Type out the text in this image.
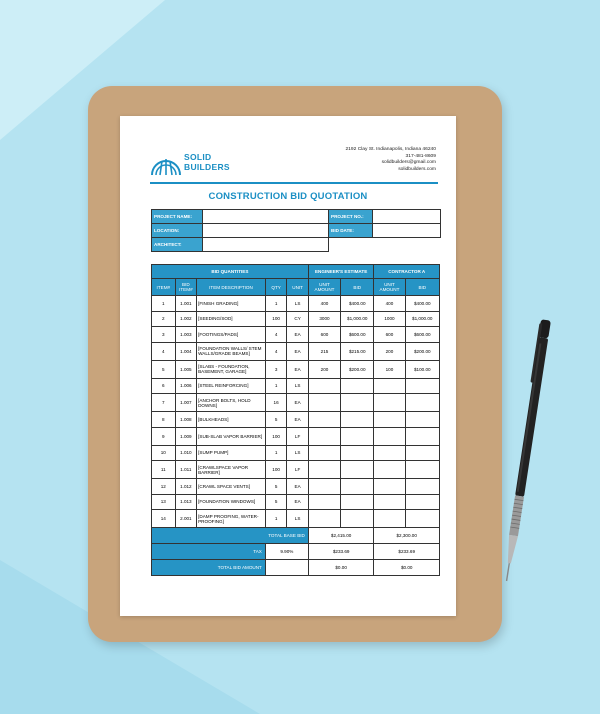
SOLID
BUILDERS
2192 Clay St. Indianapolis, Indiana 46240
317-481-8609
solidbuilders@gmail.com
solidbuilders.com
CONSTRUCTION BID QUOTATION
PROJECT NAME:		PROJECT NO.:	
LOCATION:		BID DATE:	
ARCHITECT:			
BID QUANTITIES					ENGINEER'S ESTIMATE		CONTRACTOR A	
ITEM#	BID ITEM#	ITEM DESCRIPTION	QTY	UNIT	UNIT AMOUNT	BID	UNIT AMOUNT	BID
1	1.001	[FINISH GRADING]	1	LS	400	$400.00	400	$400.00
2	1.002	[SEEDING/SOD]	100	CY	3000	$1,000.00	1000	$1,000.00
3	1.003	[FOOTINGS/PADS]	4	EA	600	$600.00	600	$600.00
4	1.004	[FOUNDATION WALLS/ STEM WALLS/GRADE BEAMS]	4	EA	215	$215.00	200	$200.00
5	1.005	[SLABS - FOUNDATION, BASEMENT, GARAGE]	3	EA	200	$200.00	100	$100.00
6	1.006	[STEEL REINFORCING]	1	LS				
7	1.007	[ANCHOR BOLTS, HOLD DOWNS]	16	EA				
8	1.008	[BULKHEADS]	5	EA				
9	1.009	[SUB-SLAB VAPOR BARRIER]	100	LF				
10	1.010	[SUMP PUMP]	1	LS				
11	1.011	[CRAWLSPACE VAPOR BARRIER]	100	LF				
12	1.012	[CRAWL SPACE VENTS]	5	EA				
13	1.013	[FOUNDATION WINDOWS]	5	EA				
14	2.001	[DAMP PROOFING, WATER-PROOFING]	1	LS				
TOTAL BASE BID					$2,415.00		$2,300.00	
TAX			9.90%		$233.69		$233.69	
TOTAL BID AMOUNT					$0.00		$0.00	
